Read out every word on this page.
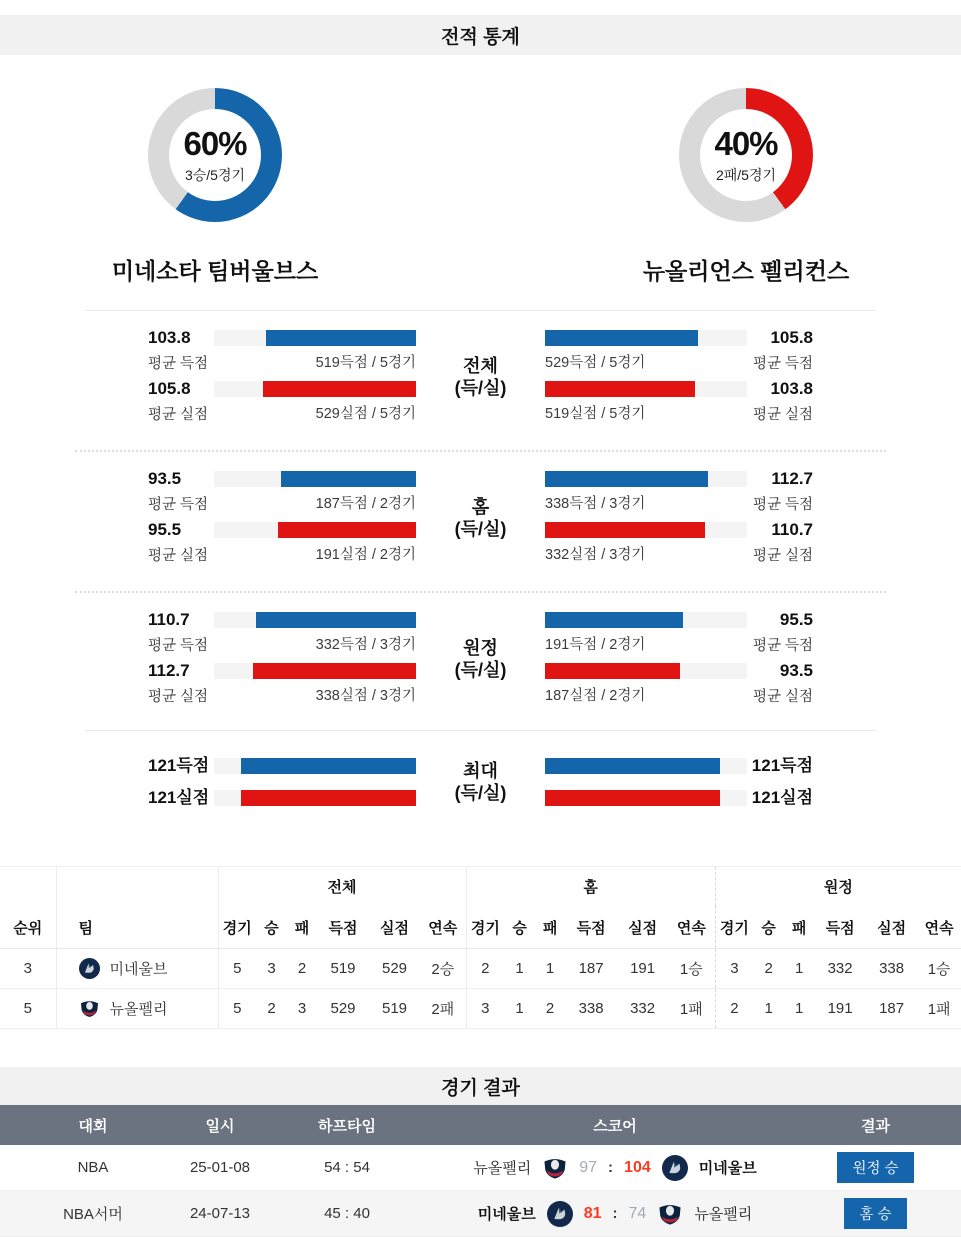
전적 통계
60%
3승/5경기
40%
2패/5경기
미네소타 팀버울브스	뉴올리언스 펠리컨스
103.8
평균 득점	519득점 / 5경기
105.8
평균 실점	529실점 / 5경기
전체
(득/실)
529득점 / 5경기
105.8
평균 득점
519실점 / 5경기
103.8
평균 실점
93.5
평균 득점	187득점 / 2경기
95.5
평균 실점	191실점 / 2경기
홈
(득/실)
338득점 / 3경기
112.7
평균 득점
332실점 / 3경기
110.7
평균 실점
110.7
평균 득점	332득점 / 3경기
112.7
평균 실점	338실점 / 3경기
원정
(득/실)
191득점 / 2경기
95.5
평균 득점
187실점 / 2경기
93.5
평균 실점
121득점
121실점
최대
(득/실)
121득점
121실점
		전체						홈						원정					
순위	팀	경기	승	패	득점	실점	연속	경기	승	패	득점	실점	연속	경기	승	패	득점	실점	연속
3	미네울브	5	3	2	519	529	2승	2	1	1	187	191	1승	3	2	1	332	338	1승
5	뉴올펠리	5	2	3	529	519	2패	3	1	2	338	332	1패	2	1	1	191	187	1패
경기 결과
대회	일시	하프타임	스코어	결과
NBA	25-01-08	54 : 54	뉴올펠리	97 : 104	미네울브	원정 승
NBA서머	24-07-13	45 : 40	미네울브	81 : 74	뉴올펠리	홈 승
